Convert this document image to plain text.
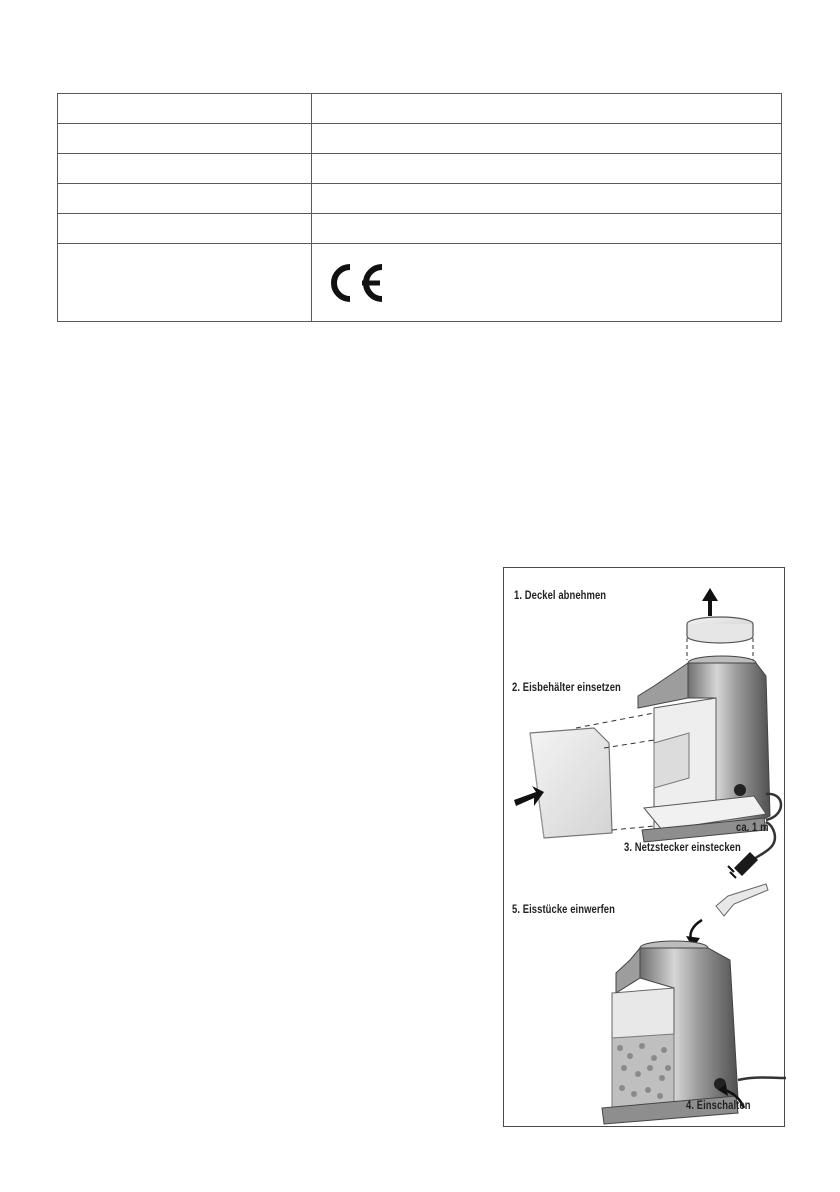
1. Deckel abnehmen
2. Eisbehälter einsetzen
ca. 1 m
3. Netzstecker einstecken
5. Eisstücke einwerfen
4. Einschalten
